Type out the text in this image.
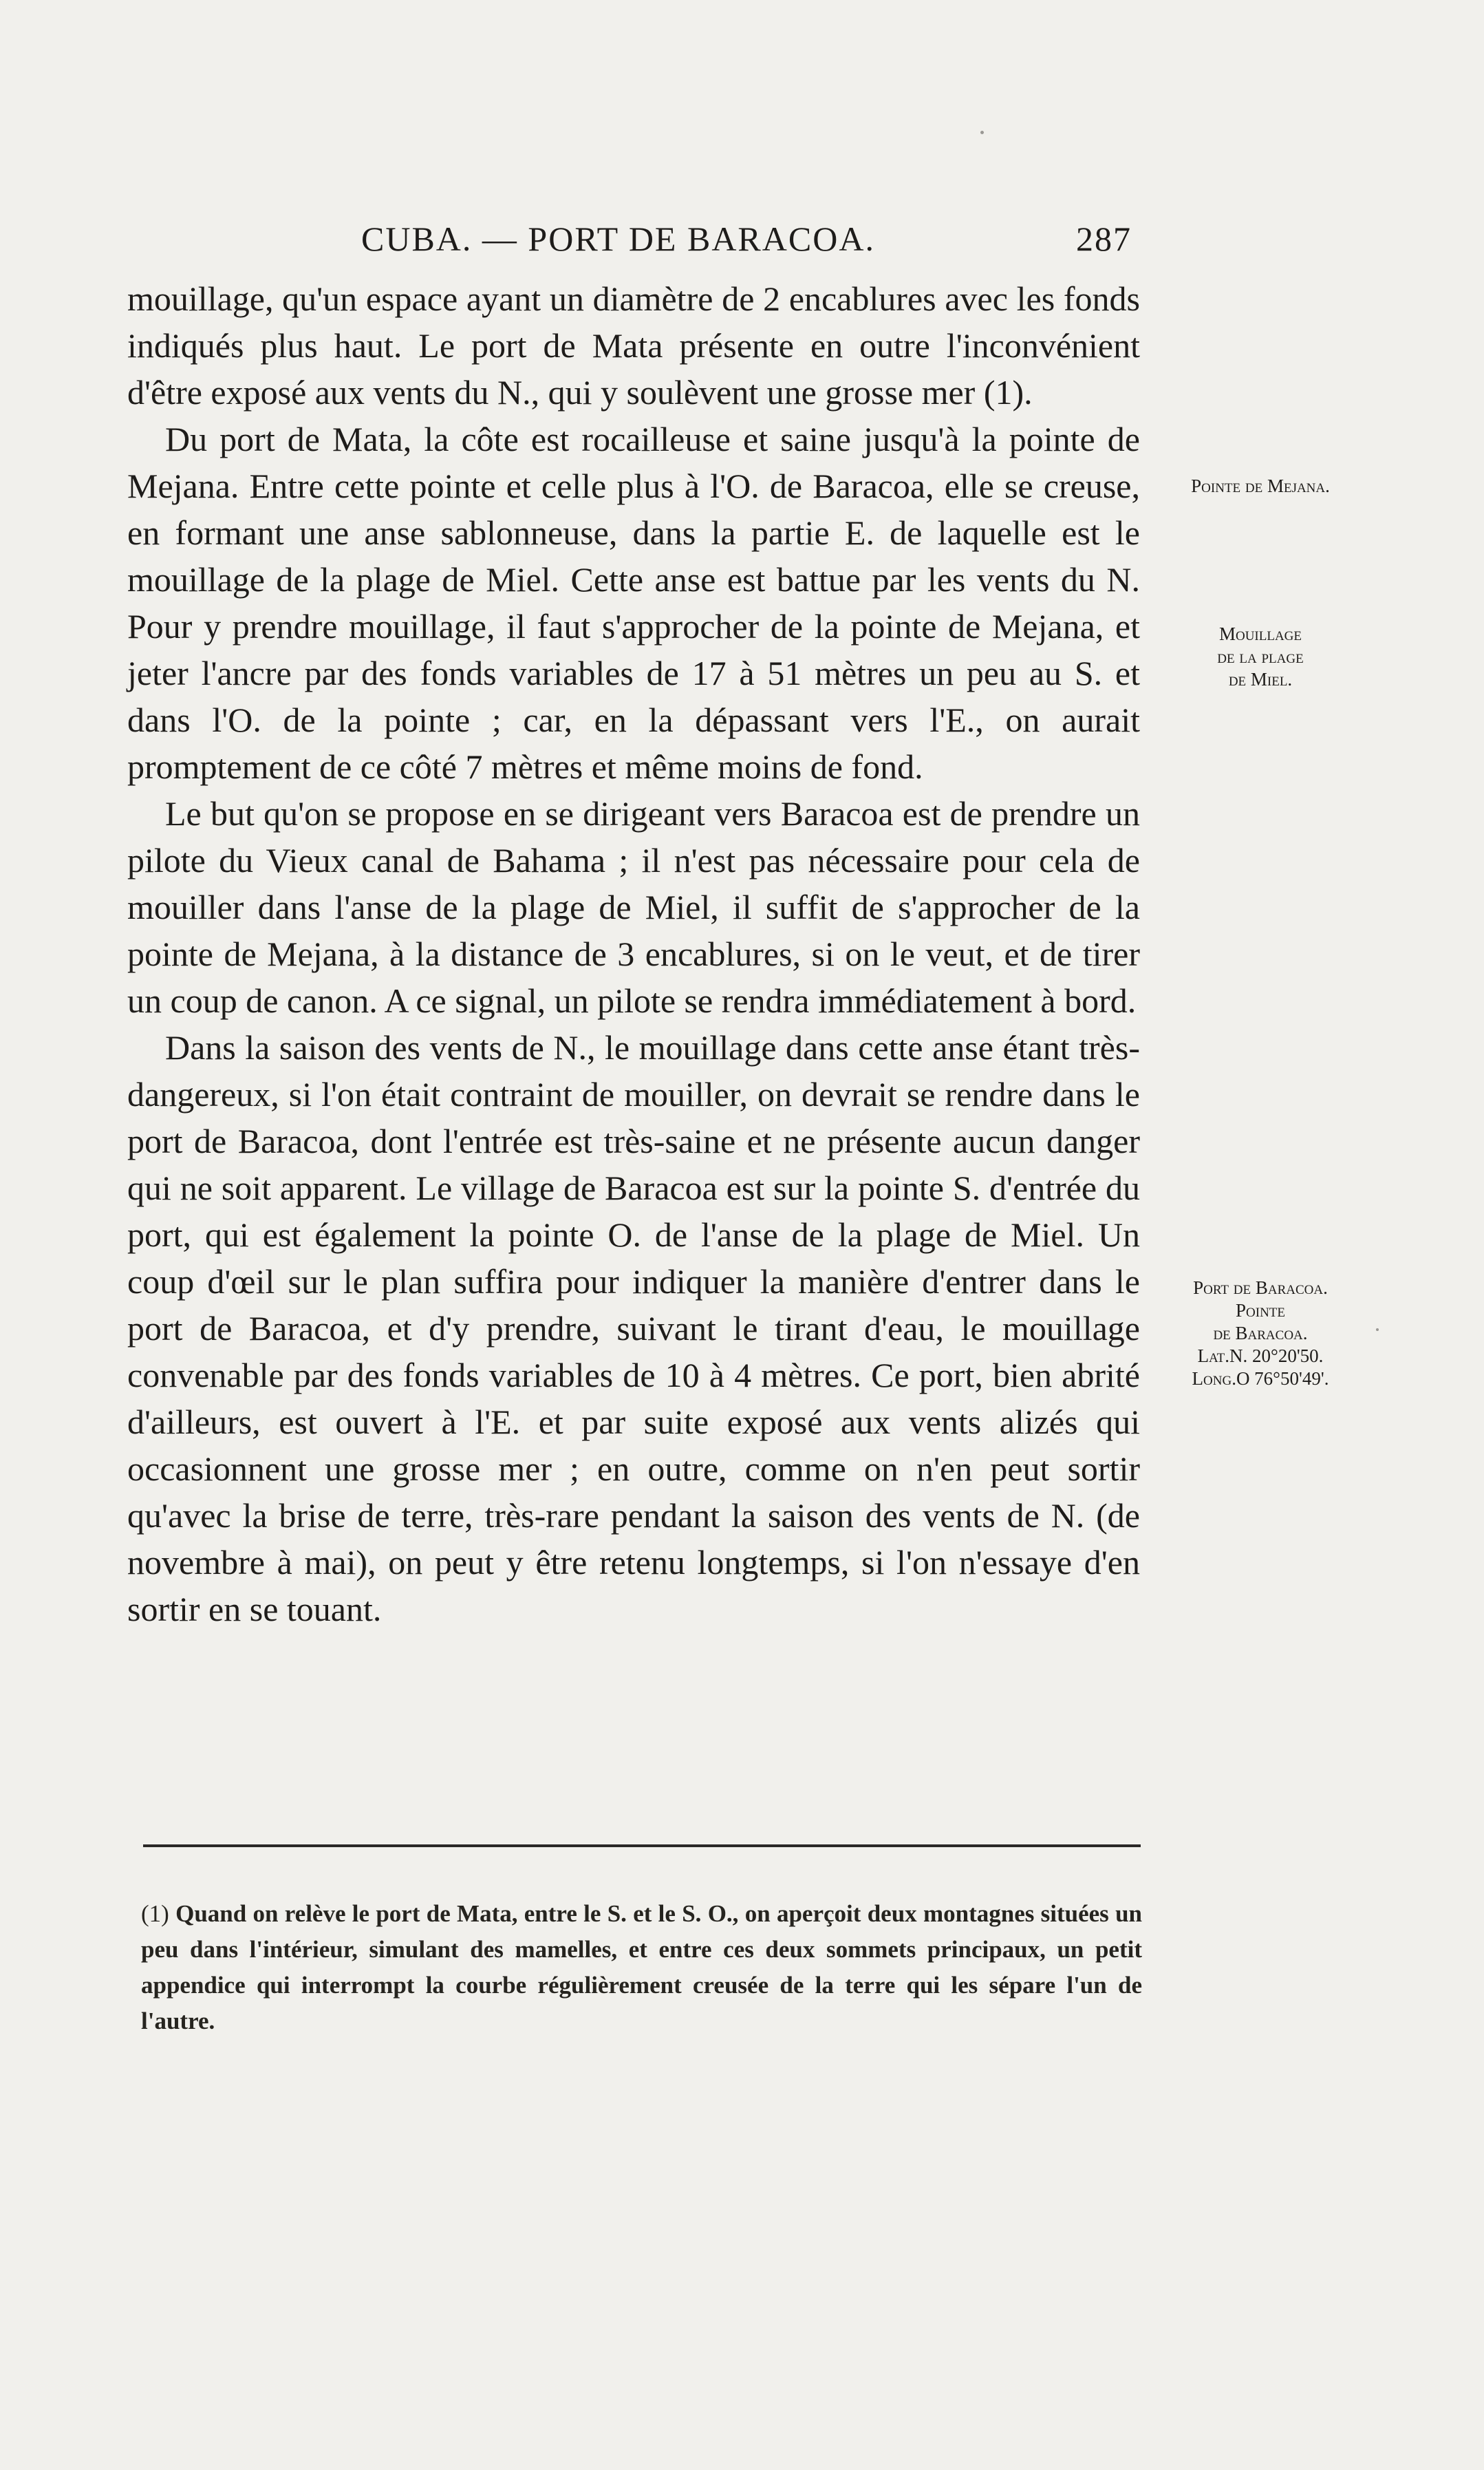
CUBA. — PORT DE BARACOA.	287

mouillage, qu'un espace ayant un diamètre de 2 encablures avec les fonds indiqués plus haut. Le port de Mata présente en outre l'inconvénient d'être exposé aux vents du N., qui y soulèvent une grosse mer (1).

Du port de Mata, la côte est rocailleuse et saine jusqu'à la pointe de Mejana. Entre cette pointe et celle plus à l'O. de Baracoa, elle se creuse, en formant une anse sablonneuse, dans la partie E. de laquelle est le mouillage de la plage de Miel. Cette anse est battue par les vents du N. Pour y prendre mouillage, il faut s'approcher de la pointe de Mejana, et jeter l'ancre par des fonds variables de 17 à 51 mètres un peu au S. et dans l'O. de la pointe ; car, en la dépassant vers l'E., on aurait promptement de ce côté 7 mètres et même moins de fond.

Le but qu'on se propose en se dirigeant vers Baracoa est de prendre un pilote du Vieux canal de Bahama ; il n'est pas nécessaire pour cela de mouiller dans l'anse de la plage de Miel, il suffit de s'approcher de la pointe de Mejana, à la distance de 3 encablures, si on le veut, et de tirer un coup de canon. A ce signal, un pilote se rendra immédiatement à bord.

Dans la saison des vents de N., le mouillage dans cette anse étant très-dangereux, si l'on était contraint de mouiller, on devrait se rendre dans le port de Baracoa, dont l'entrée est très-saine et ne présente aucun danger qui ne soit apparent. Le village de Baracoa est sur la pointe S. d'entrée du port, qui est également la pointe O. de l'anse de la plage de Miel. Un coup d'œil sur le plan suffira pour indiquer la manière d'entrer dans le port de Baracoa, et d'y prendre, suivant le tirant d'eau, le mouillage convenable par des fonds variables de 10 à 4 mètres. Ce port, bien abrité d'ailleurs, est ouvert à l'E. et par suite exposé aux vents alizés qui occasionnent une grosse mer ; en outre, comme on n'en peut sortir qu'avec la brise de terre, très-rare pendant la saison des vents de N. (de novembre à mai), on peut y être retenu longtemps, si l'on n'essaye d'en sortir en se touant.

Pointe de Mejana.
Mouillage
de la plage
de Miel.
Port de Baracoa.
Pointe
de Baracoa.
Lat.N. 20°20'50.
Long.O 76°50'49'.
(1) Quand on relève le port de Mata, entre le S. et le S. O., on aperçoit deux montagnes situées un peu dans l'intérieur, simulant des mamelles, et entre ces deux sommets principaux, un petit appendice qui interrompt la courbe régulièrement creusée de la terre qui les sépare l'un de l'autre.
